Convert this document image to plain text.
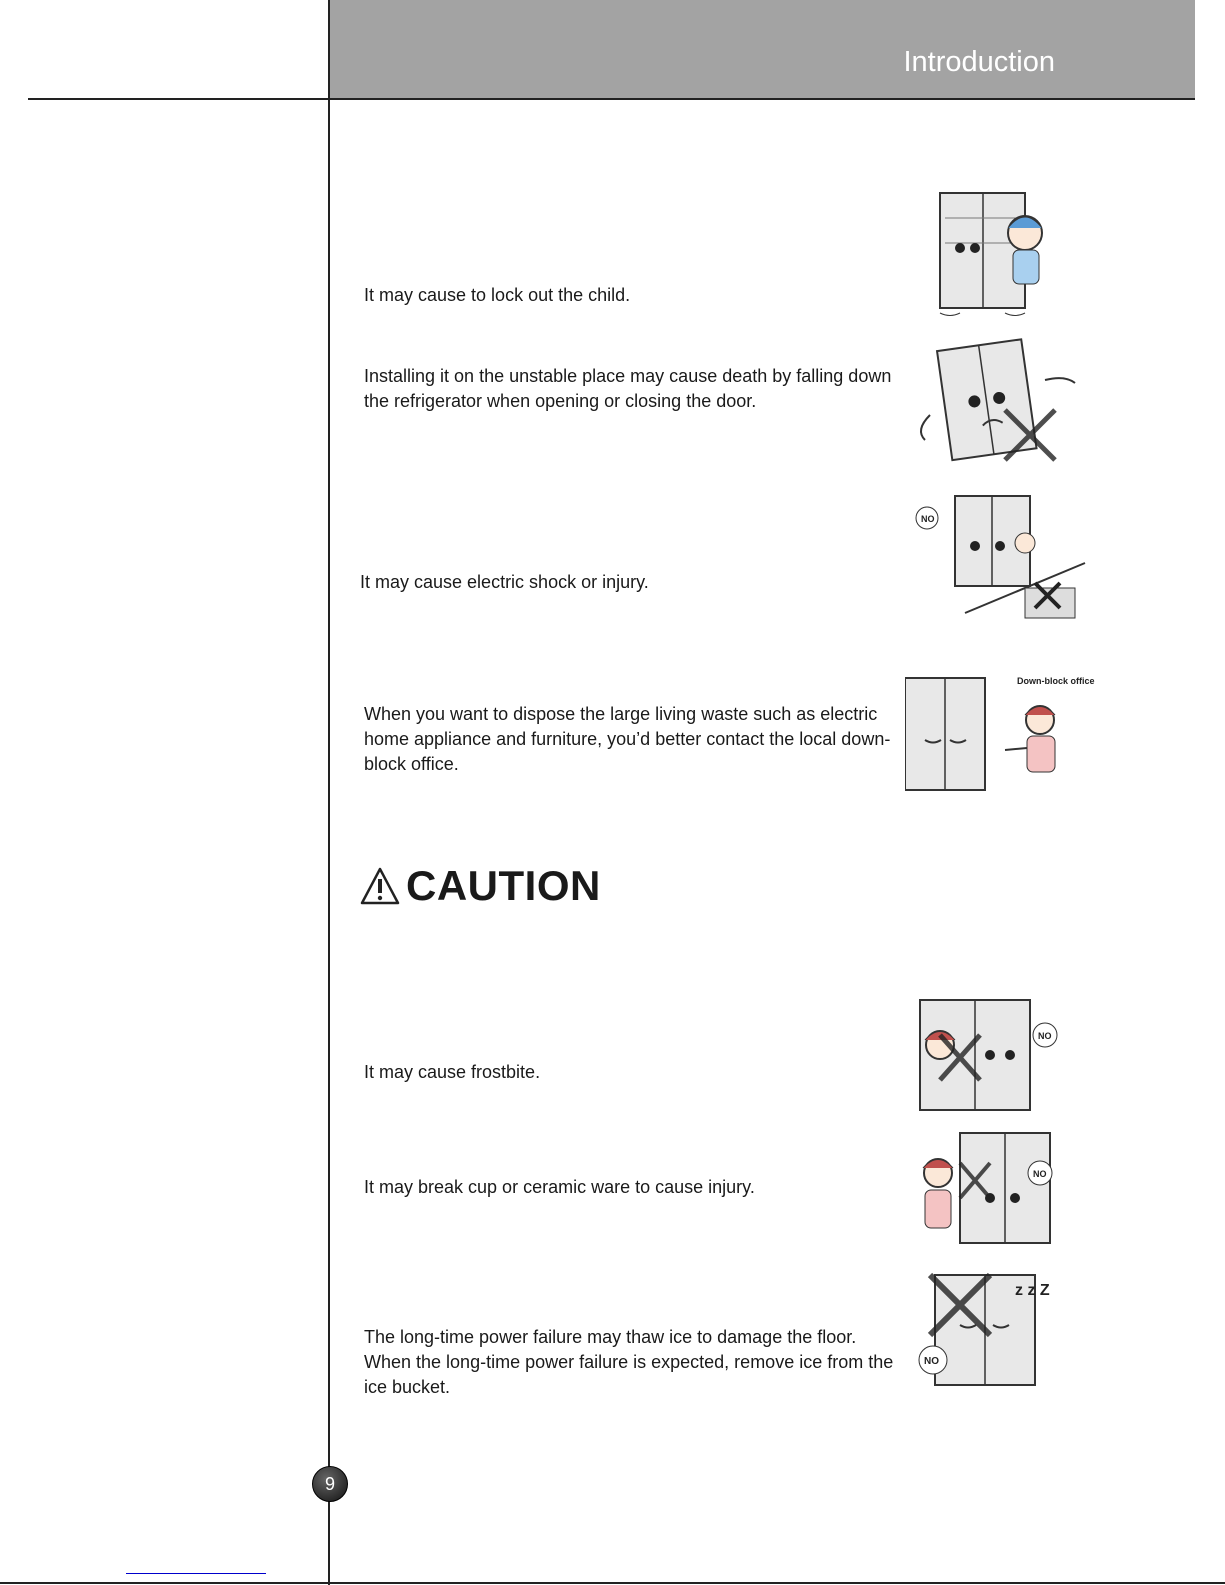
Introduction
It may cause to lock out the child.
Installing it on the unstable place may cause death by falling down the refrigerator when opening or closing the door.
It may cause electric shock or injury.
NO
When you want to dispose the large living waste such as electric home appliance and furniture, you’d better contact the local down-block office.
Down-block office
CAUTION
It may cause frostbite.
NO
It may break cup or ceramic ware to cause injury.
NO
The long-time power failure may thaw ice to damage the floor. When the long-time power failure is expected, remove ice from the ice bucket.
z z Z
NO
9
